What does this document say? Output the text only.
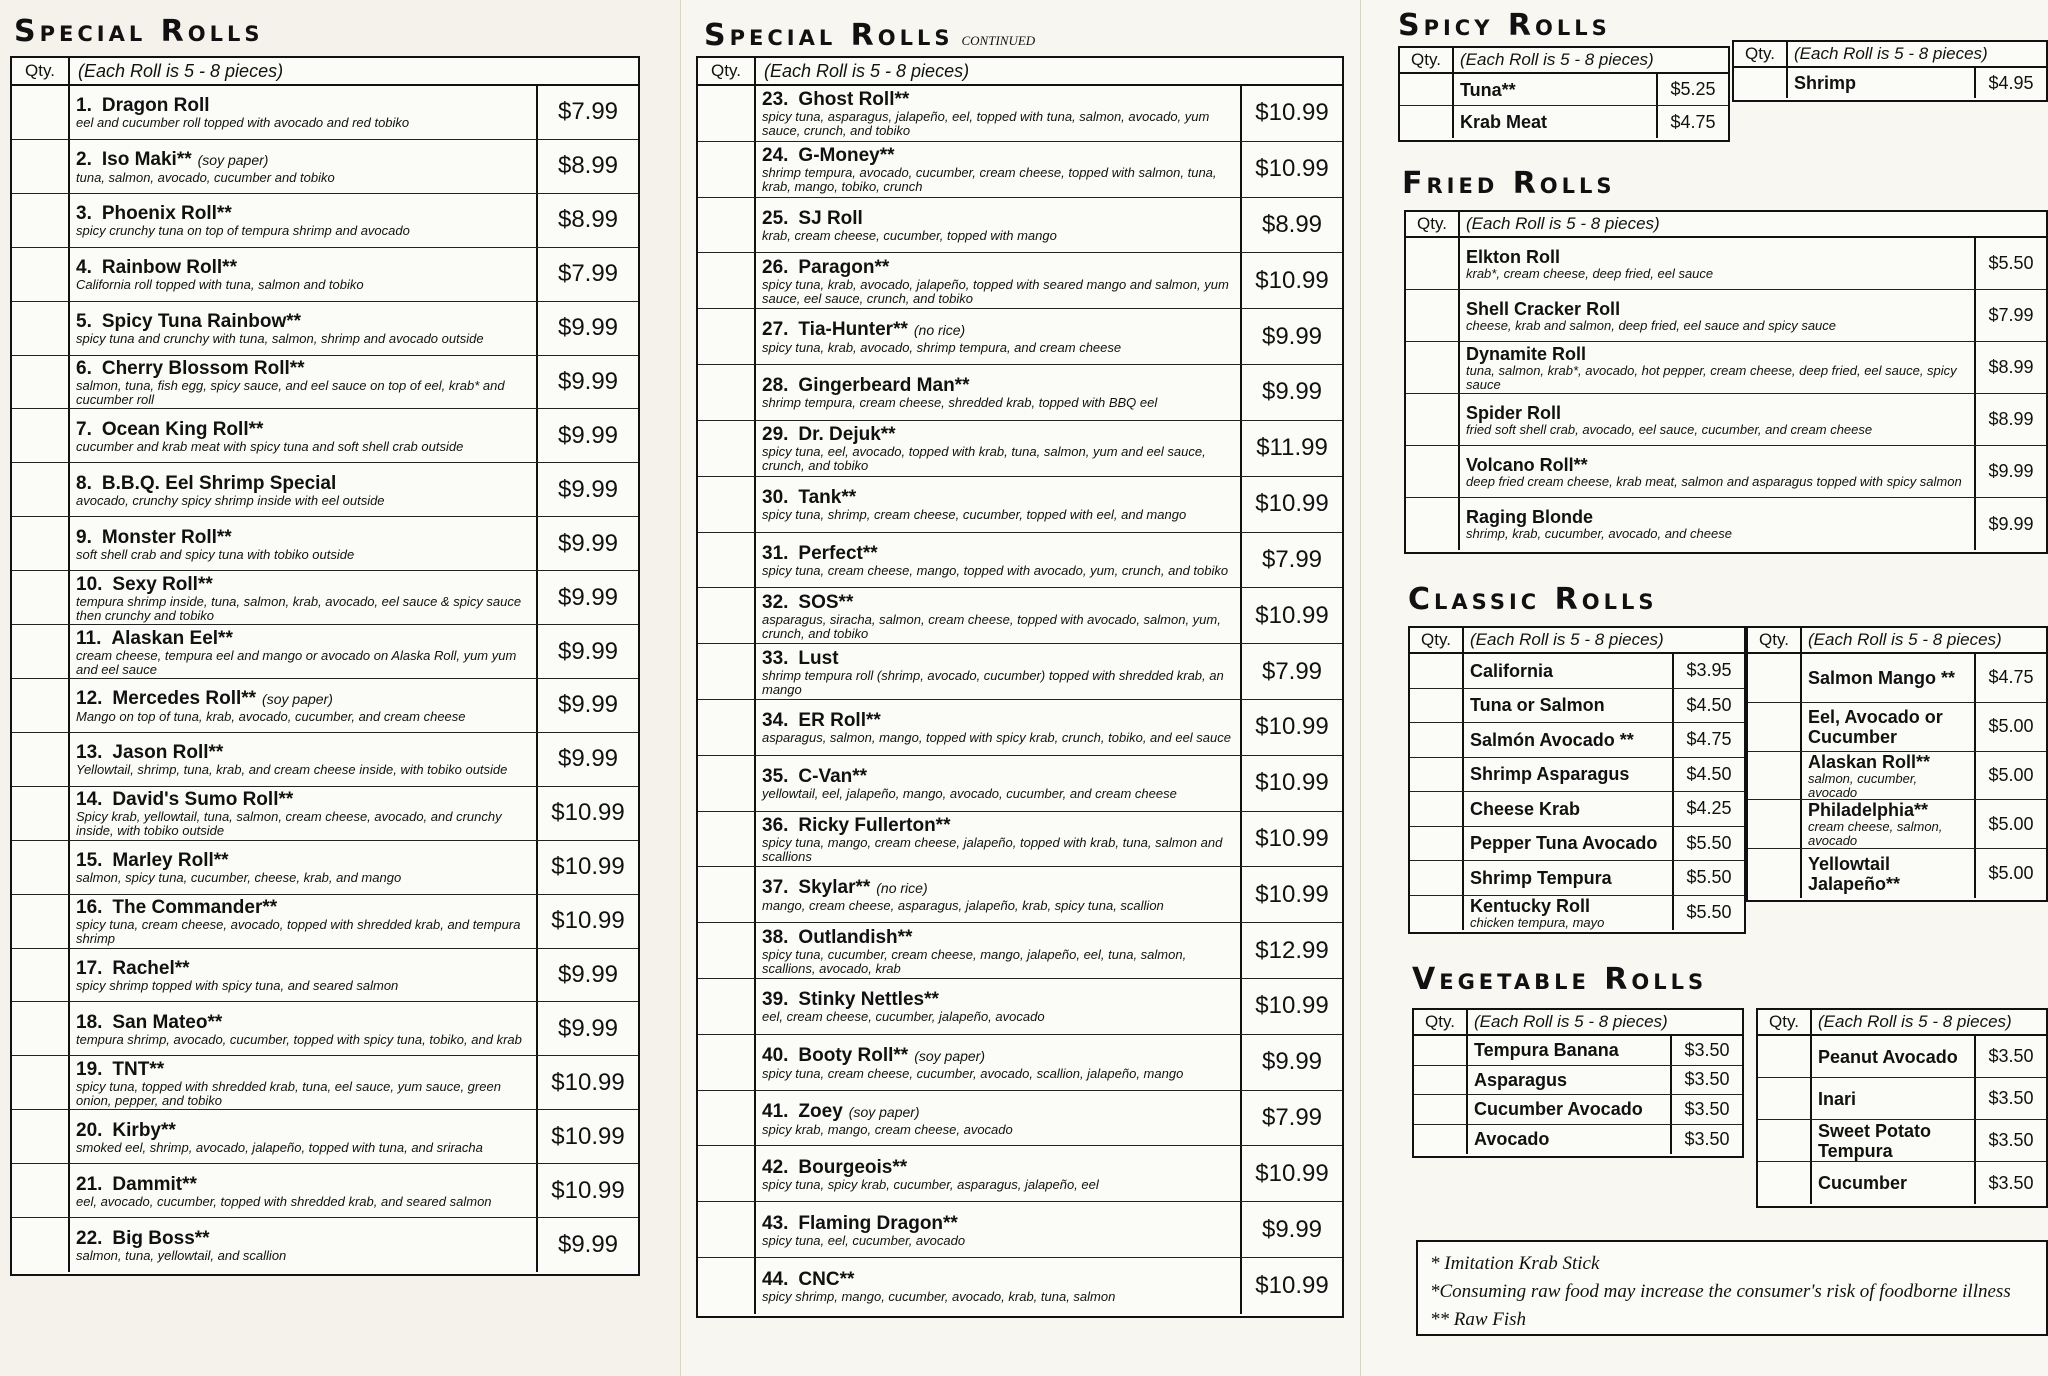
Special Rolls
Qty.	(Each Roll is 5 - 8 pieces)
1. Dragon Roll
eel and cucumber roll topped with avocado and red tobiko	$7.99
2. Iso Maki** (soy paper)
tuna, salmon, avocado, cucumber and tobiko	$8.99
3. Phoenix Roll**
spicy crunchy tuna on top of tempura shrimp and avocado	$8.99
4. Rainbow Roll**
California roll topped with tuna, salmon and tobiko	$7.99
5. Spicy Tuna Rainbow**
spicy tuna and crunchy with tuna, salmon, shrimp and avocado outside	$9.99
6. Cherry Blossom Roll**
salmon, tuna, fish egg, spicy sauce, and eel sauce on top of eel, krab* and cucumber roll
$9.99
7. Ocean King Roll**
cucumber and krab meat with spicy tuna and soft shell crab outside	$9.99
8. B.B.Q. Eel Shrimp Special
avocado, crunchy spicy shrimp inside with eel outside	$9.99
9. Monster Roll**
soft shell crab and spicy tuna with tobiko outside	$9.99
10. Sexy Roll**
tempura shrimp inside, tuna, salmon, krab, avocado, eel sauce & spicy sauce then crunchy and tobiko
$9.99
11. Alaskan Eel**
cream cheese, tempura eel and mango or avocado on Alaska Roll, yum yum and eel sauce
$9.99
12. Mercedes Roll** (soy paper)
Mango on top of tuna, krab, avocado, cucumber, and cream cheese	$9.99
13. Jason Roll**
Yellowtail, shrimp, tuna, krab, and cream cheese inside, with tobiko outside	$9.99
14. David's Sumo Roll**
Spicy krab, yellowtail, tuna, salmon, cream cheese, avocado, and crunchy inside, with tobiko outside
$10.99
15. Marley Roll**
salmon, spicy tuna, cucumber, cheese, krab, and mango	$10.99
16. The Commander**
spicy tuna, cream cheese, avocado, topped with shredded krab, and tempura shrimp
$10.99
17. Rachel**
spicy shrimp topped with spicy tuna, and seared salmon	$9.99
18. San Mateo**
tempura shrimp, avocado, cucumber, topped with spicy tuna, tobiko, and krab	$9.99
19. TNT**
spicy tuna, topped with shredded krab, tuna, eel sauce, yum sauce, green onion, pepper, and tobiko
$10.99
20. Kirby**
smoked eel, shrimp, avocado, jalapeño, topped with tuna, and sriracha	$10.99
21. Dammit**
eel, avocado, cucumber, topped with shredded krab, and seared salmon	$10.99
22. Big Boss**
salmon, tuna, yellowtail, and scallion	$9.99
Special Rolls continued
Qty.	(Each Roll is 5 - 8 pieces)
23. Ghost Roll**
spicy tuna, asparagus, jalapeño, eel, topped with tuna, salmon, avocado, yum sauce, crunch, and tobiko
$10.99
24. G-Money**
shrimp tempura, avocado, cucumber, cream cheese, topped with salmon, tuna, krab, mango, tobiko, crunch
$10.99
25. SJ Roll
krab, cream cheese, cucumber, topped with mango	$8.99
26. Paragon**
spicy tuna, krab, avocado, jalapeño, topped with seared mango and salmon, yum sauce, eel sauce, crunch, and tobiko
$10.99
27. Tia-Hunter** (no rice)
spicy tuna, krab, avocado, shrimp tempura, and cream cheese	$9.99
28. Gingerbeard Man**
shrimp tempura, cream cheese, shredded krab, topped with BBQ eel	$9.99
29. Dr. Dejuk**
spicy tuna, eel, avocado, topped with krab, tuna, salmon, yum and eel sauce, crunch, and tobiko
$11.99
30. Tank**
spicy tuna, shrimp, cream cheese, cucumber, topped with eel, and mango	$10.99
31. Perfect**
spicy tuna, cream cheese, mango, topped with avocado, yum, crunch, and tobiko	$7.99
32. SOS**
asparagus, siracha, salmon, cream cheese, topped with avocado, salmon, yum, crunch, and tobiko
$10.99
33. Lust
shrimp tempura roll (shrimp, avocado, cucumber) topped with shredded krab, an mango
$7.99
34. ER Roll**
asparagus, salmon, mango, topped with spicy krab, crunch, tobiko, and eel sauce	$10.99
35. C-Van**
yellowtail, eel, jalapeño, mango, avocado, cucumber, and cream cheese	$10.99
36. Ricky Fullerton**
spicy tuna, mango, cream cheese, jalapeño, topped with krab, tuna, salmon and scallions
$10.99
37. Skylar** (no rice)
mango, cream cheese, asparagus, jalapeño, krab, spicy tuna, scallion	$10.99
38. Outlandish**
spicy tuna, cucumber, cream cheese, mango, jalapeño, eel, tuna, salmon, scallions, avocado, krab
$12.99
39. Stinky Nettles**
eel, cream cheese, cucumber, jalapeño, avocado	$10.99
40. Booty Roll** (soy paper)
spicy tuna, cream cheese, cucumber, avocado, scallion, jalapeño, mango	$9.99
41. Zoey (soy paper)
spicy krab, mango, cream cheese, avocado	$7.99
42. Bourgeois**
spicy tuna, spicy krab, cucumber, asparagus, jalapeño, eel	$10.99
43. Flaming Dragon**
spicy tuna, eel, cucumber, avocado	$9.99
44. CNC**
spicy shrimp, mango, cucumber, avocado, krab, tuna, salmon	$10.99
Spicy Rolls
Qty.	(Each Roll is 5 - 8 pieces)
Tuna**	$5.25
Krab Meat	$4.75
Qty.	(Each Roll is 5 - 8 pieces)
Shrimp	$4.95
Fried Rolls
Qty.	(Each Roll is 5 - 8 pieces)
Elkton Roll
krab*, cream cheese, deep fried, eel sauce	$5.50
Shell Cracker Roll
cheese, krab and salmon, deep fried, eel sauce and spicy sauce	$7.99
Dynamite Roll
tuna, salmon, krab*, avocado, hot pepper, cream cheese, deep fried, eel sauce, spicy sauce
$8.99
Spider Roll
fried soft shell crab, avocado, eel sauce, cucumber, and cream cheese	$8.99
Volcano Roll**
deep fried cream cheese, krab meat, salmon and asparagus topped with spicy salmon	$9.99
Raging Blonde
shrimp, krab, cucumber, avocado, and cheese	$9.99
Classic Rolls
Qty.	(Each Roll is 5 - 8 pieces)
California	$3.95
Tuna or Salmon	$4.50
Salmón Avocado **	$4.75
Shrimp Asparagus	$4.50
Cheese Krab	$4.25
Pepper Tuna Avocado	$5.50
Shrimp Tempura	$5.50
Kentucky Roll
chicken tempura, mayo	$5.50
Qty.	(Each Roll is 5 - 8 pieces)
Salmon Mango **	$4.75
Eel, Avocado or Cucumber
$5.00
Alaskan Roll**
salmon, cucumber, avocado
$5.00
Philadelphia**
cream cheese, salmon, avocado
$5.00
Yellowtail Jalapeño**
$5.00
Vegetable Rolls
Qty.	(Each Roll is 5 - 8 pieces)
Tempura Banana	$3.50
Asparagus	$3.50
Cucumber Avocado	$3.50
Avocado	$3.50
Qty.	(Each Roll is 5 - 8 pieces)
Peanut Avocado	$3.50
Inari	$3.50
Sweet Potato Tempura
$3.50
Cucumber	$3.50
* Imitation Krab Stick
*Consuming raw food may increase the consumer's risk of foodborne illness
** Raw Fish
